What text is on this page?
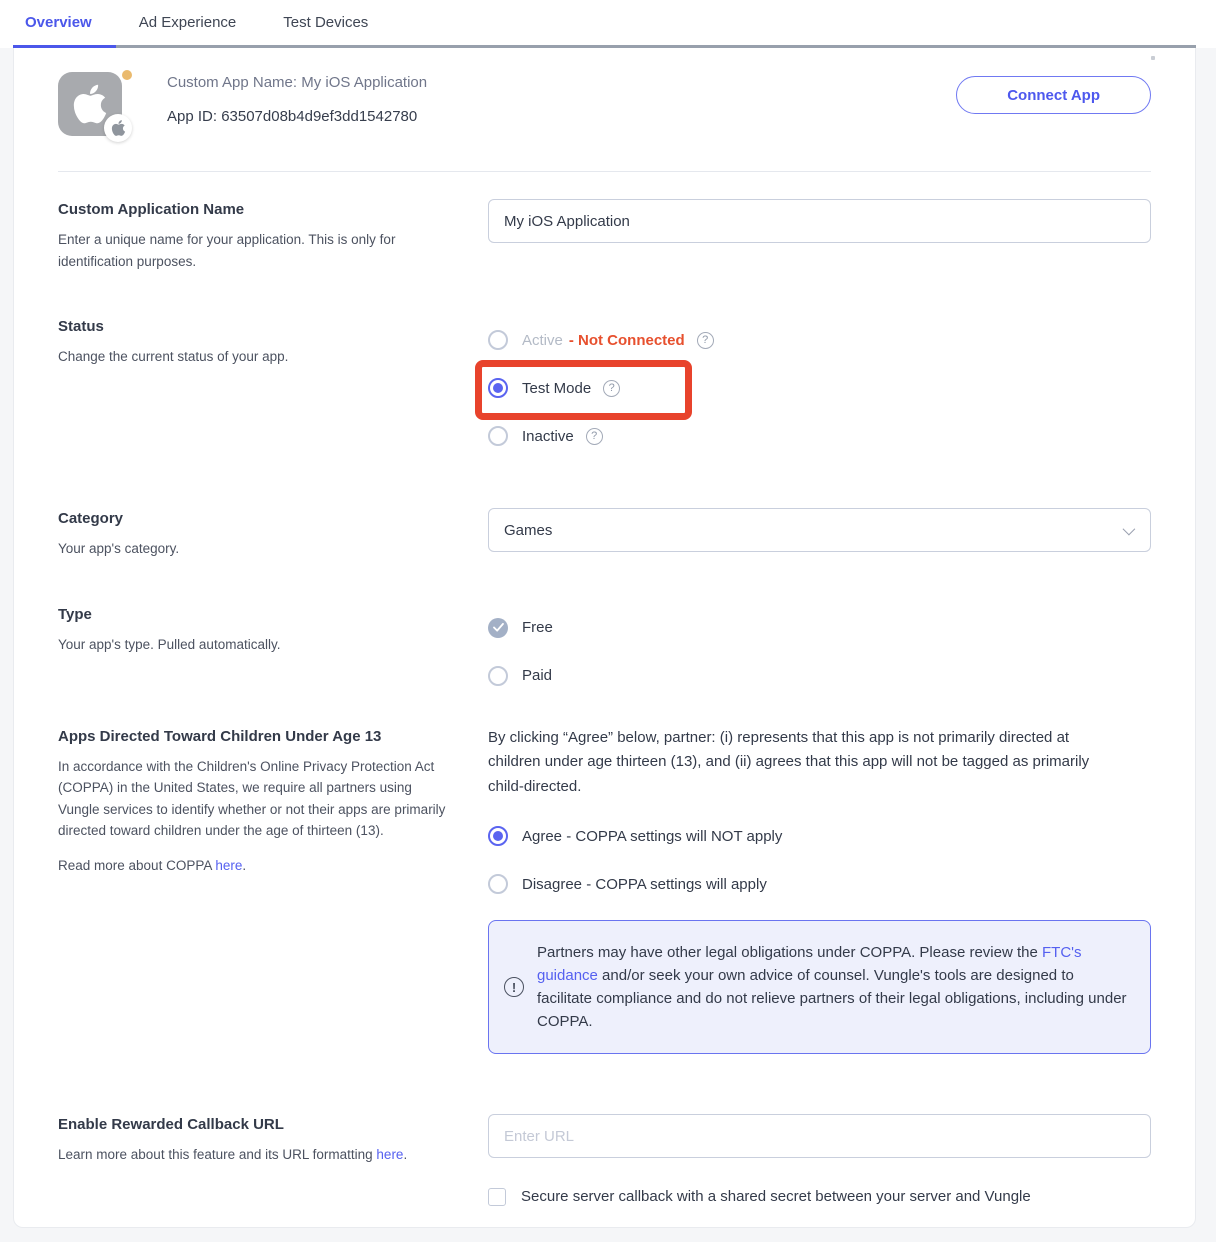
Overview	Ad Experience	Test Devices
Custom App Name: My iOS Application
App ID: 63507d08b4d9ef3dd1542780
Connect App
Custom Application Name

Enter a unique name for your application. This is only for identification purposes.

My iOS Application
Status

Change the current status of your app.

Active - Not Connected	?
Test Mode	?
Inactive	?
Category

Your app's category.

Games
Type

Your app's type. Pulled automatically.

Free
Paid
Apps Directed Toward Children Under Age 13

In accordance with the Children's Online Privacy Protection Act (COPPA) in the United States, we require all partners using Vungle services to identify whether or not their apps are primarily directed toward children under the age of thirteen (13).

Read more about COPPA here.

By clicking “Agree” below, partner: (i) represents that this app is not primarily directed at children under age thirteen (13), and (ii) agrees that this app will not be tagged as primarily child-directed.

Agree - COPPA settings will NOT apply
Disagree - COPPA settings will apply
!

Partners may have other legal obligations under COPPA. Please review the FTC's guidance and/or seek your own advice of counsel. Vungle's tools are designed to facilitate compliance and do not relieve partners of their legal obligations, including under COPPA.

Enable Rewarded Callback URL

Learn more about this feature and its URL formatting here.

Enter URL
Secure server callback with a shared secret between your server and Vungle
